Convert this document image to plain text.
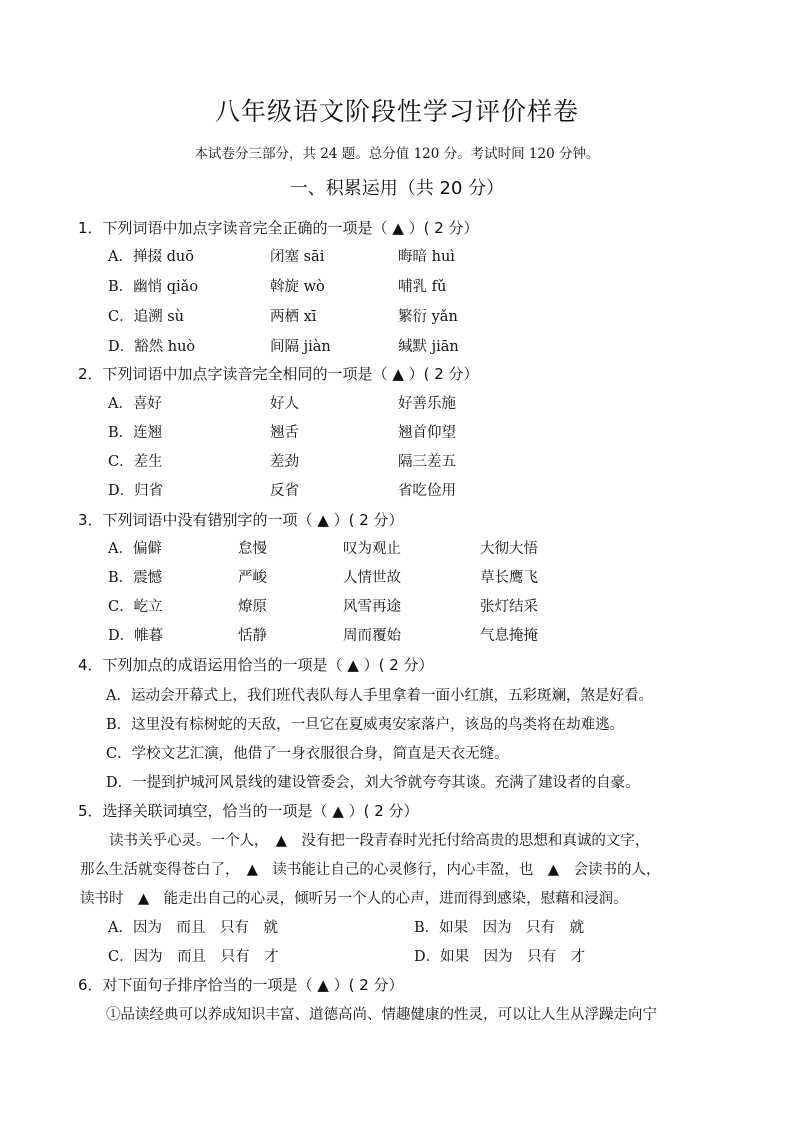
八年级语文阶段性学习评价样卷
本试卷分三部分，共 24 题。总分值 120 分。考试时间 120 分钟。
一、积累运用（共 20 分）
1．下列词语中加点字读音完全正确的一项是（ ▲ ）( 2 分）
A．掸掇 duō	闭塞 sāi	晦暗 huì
B．幽悄 qiǎo	斡旋 wò	哺乳 fǔ
C．追溯 sù	两栖 xī	繁衍 yǎn
D．豁然 huò	间隔 jiàn	缄默 jiān
2．下列词语中加点字读音完全相同的一项是（ ▲ ）( 2 分）
A．喜好	好人	好善乐施
B．连翘	翘舌	翘首仰望
C．差生	差劲	隔三差五
D．归省	反省	省吃俭用
3．下列词语中没有错别字的一项（ ▲ ）( 2 分）
A．偏僻	怠慢	叹为观止	大彻大悟
B．震憾	严峻	人情世故	草长鹰飞
C．屹立	燎原	风雪再途	张灯结采
D．帷暮	恬静	周而覆始	气息掩掩
4．下列加点的成语运用恰当的一项是（ ▲ ）( 2 分）
A．运动会开幕式上，我们班代表队每人手里拿着一面小红旗，五彩斑斓，煞是好看。
B．这里没有棕树蛇的天敌，一旦它在夏威夷安家落户，该岛的鸟类将在劫难逃。
C．学校文艺汇演，他借了一身衣服很合身，简直是天衣无缝。
D．一提到护城河风景线的建设管委会，刘大爷就夸夸其谈。充满了建设者的自豪。
5．选择关联词填空，恰当的一项是（ ▲ ）( 2 分）
　　读书关乎心灵。一个人，　▲　没有把一段青春时光托付给高贵的思想和真诚的文字，
那么生活就变得苍白了，　▲　读书能让自己的心灵修行，内心丰盈，也　▲　会读书的人，
读书时　▲　能走出自己的心灵，倾听另一个人的心声，进而得到感染，慰藉和浸润。
A．因为　而且　只有　就	B．如果　因为　只有　就
C．因为　而且　只有　才	D．如果　因为　只有　才
6．对下面句子排序恰当的一项是（ ▲ ）( 2 分）
①品读经典可以养成知识丰富、道德高尚、情趣健康的性灵，可以让人生从浮躁走向宁
